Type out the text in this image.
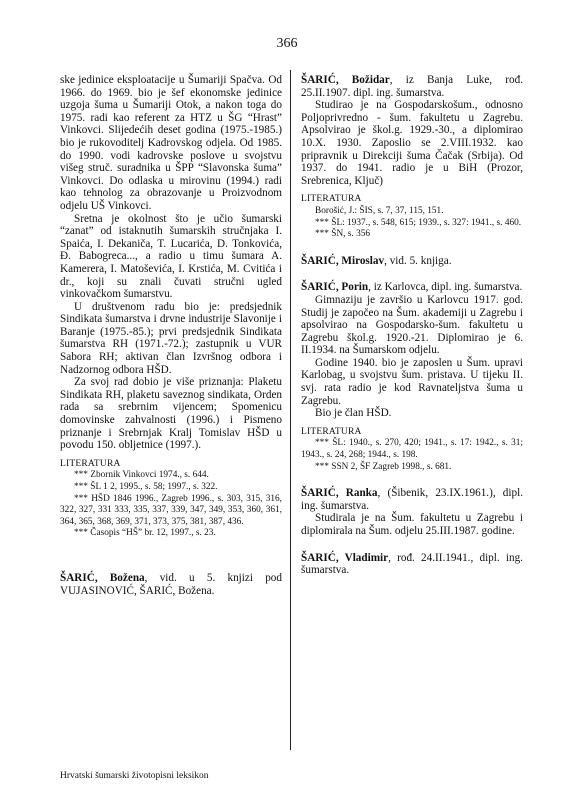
366

ske jedinice eksploatacije u Šumariji Spačva. Od 1966. do 1969. bio je šef ekonomske jedinice uzgoja šuma u Šumariji Otok, a nakon toga do 1975. radi kao referent za HTZ u ŠG “Hrast” Vinkovci. Slijedećih deset godina (1975.-1985.) bio je rukovoditelj Kadrovskog odjela. Od 1985. do 1990. vodi kadrovske poslove u svojstvu višeg struč. suradnika u ŠPP “Slavonska šuma” Vinkovci. Do odlaska u mirovinu (1994.) radi kao tehnolog za obrazovanje u Proizvodnom odjelu UŠ Vinkovci.

Sretna je okolnost što je učio šumarski “zanat” od istaknutih šumarskih stručnjaka I. Spaića, I. Dekaniča, T. Lucarića, D. Tonkovića, Đ. Babogreca..., a radio u timu šumara A. Kamerera, I. Matoševića, I. Krstića, M. Cvitića i dr., koji su znali čuvati stručni ugled vinkovačkom šumarstvu.

U društvenom radu bio je: predsjednik Sindikata šumarstva i drvne industrije Slavonije i Baranje (1975.-85.); prvi predsjednik Sindikata šumarstva RH (1971.-72.); zastupnik u VUR Sabora RH; aktivan član Izvršnog odbora i Nadzornog odbora HŠD.

Za svoj rad dobio je više priznanja: Plaketu Sindikata RH, plaketu saveznog sindikata, Orden rada sa srebrnim vijencem; Spomenicu domovinske zahvalnosti (1996.) i Pismeno priznanje i Srebrnjak Kralj Tomislav HŠD u povodu 150. obljetnice (1997.).

LITERATURA

*** Zbornik Vinkovci 1974., s. 644.

*** ŠL 1 2, 1995., s. 58; 1997., s. 322.

*** HŠD 1846 1996., Zagreb 1996., s. 303, 315, 316, 322, 327, 331 333, 335, 337, 339, 347, 349, 353, 360, 361, 364, 365, 368, 369, 371, 373, 375, 381, 387, 436.

*** Časopis “HŠ” br. 12, 1997., s. 23.

ŠARIĆ, Božena, vid. u 5. knjizi pod VUJASINOVIĆ, ŠARIĆ, Božena.

ŠARIĆ, Božidar, iz Banja Luke, rođ. 25.II.1907. dipl. ing. šumarstva.

Studirao je na Gospodarskošum., odnosno Poljoprivredno - šum. fakultetu u Zagrebu. Apsolvirao je škol.g. 1929.-30., a diplomirao 10.X. 1930. Zaposlio se 2.VIII.1932. kao pripravnik u Direkciji šuma Čačak (Srbija). Od 1937. do 1941. radio je u BiH (Prozor, Srebrenica, Ključ)

LITERATURA

Borošić, J.: ŠIS, s. 7, 37, 115, 151.

*** ŠL: 1937., s. 548, 615; 1939., s. 327: 1941., s. 460.

*** ŠN, s. 356

ŠARIĆ, Miroslav, vid. 5. knjiga.

ŠARIĆ, Porin, iz Karlovca, dipl. ing. šumarstva.

Gimnaziju je završio u Karlovcu 1917. god. Studij je započeo na Šum. akademiji u Zagrebu i apsolvirao na Gospodarsko-šum. fakultetu u Zagrebu škol.g. 1920.-21. Diplomirao je 6. II.1934. na Šumarskom odjelu.

Godine 1940. bio je zaposlen u Šum. upravi Karlobag, u svojstvu šum. pristava. U tijeku II. svj. rata radio je kod Ravnateljstva šuma u Zagrebu.

Bio je član HŠD.

LITERATURA

*** ŠL: 1940., s. 270, 420; 1941., s. 17: 1942., s. 31; 1943., s. 24, 268; 1944., s. 198.

*** SSN 2, ŠF Zagreb 1998., s. 681.

ŠARIĆ, Ranka, (Šibenik, 23.IX.1961.), dipl. ing. šumarstva.

Studirala je na Šum. fakultetu u Zagrebu i diplomirala na Šum. odjelu 25.III.1987. godine.

ŠARIĆ, Vladimir, rođ. 24.II.1941., dipl. ing. šumarstva.

Hrvatski šumarski životopisni leksikon
